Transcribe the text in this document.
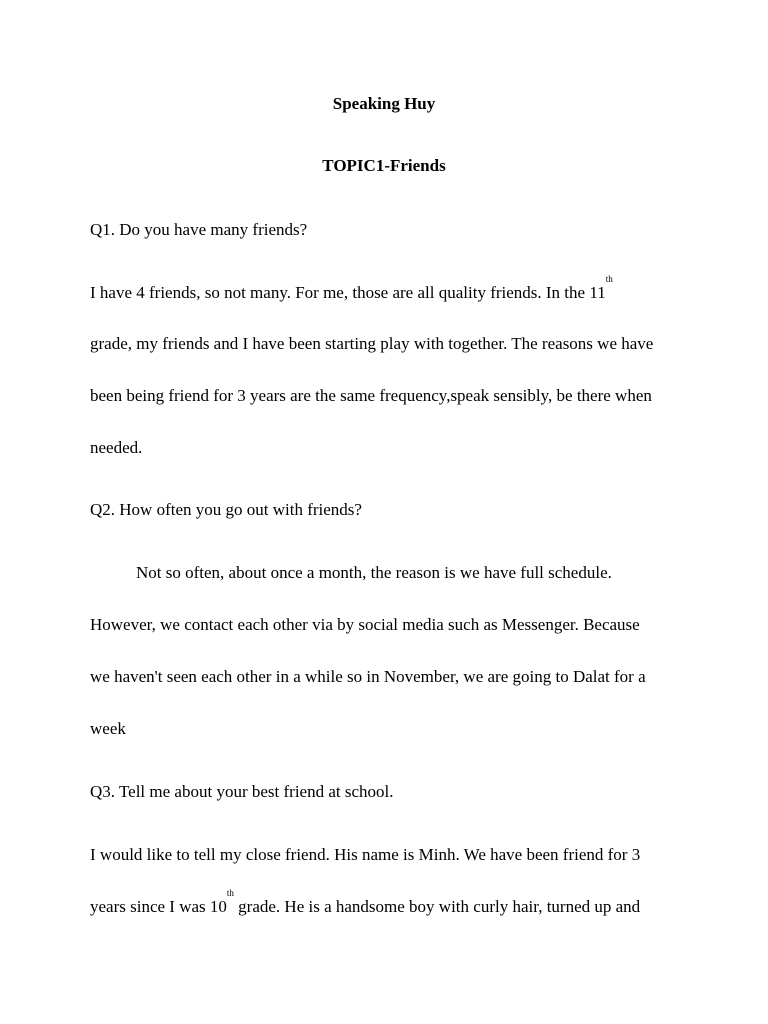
Speaking Huy

TOPIC1-Friends

Q1. Do you have many friends?

I have 4 friends, so not many. For me, those are all quality friends. In the 11th

grade, my friends and I have been starting play with together. The reasons we have

been being friend for 3 years are the same frequency,speak sensibly, be there when

needed.

Q2. How often you go out with friends?

Not so often, about once a month, the reason is we have full schedule.

However, we contact each other via by social media such as Messenger. Because

we haven't seen each other in a while so in November, we are going to Dalat for a

week

Q3. Tell me about your best friend at school.

I would like to tell my close friend. His name is Minh. We have been friend for 3

years since I was 10th grade. He is a handsome boy with curly hair, turned up and
